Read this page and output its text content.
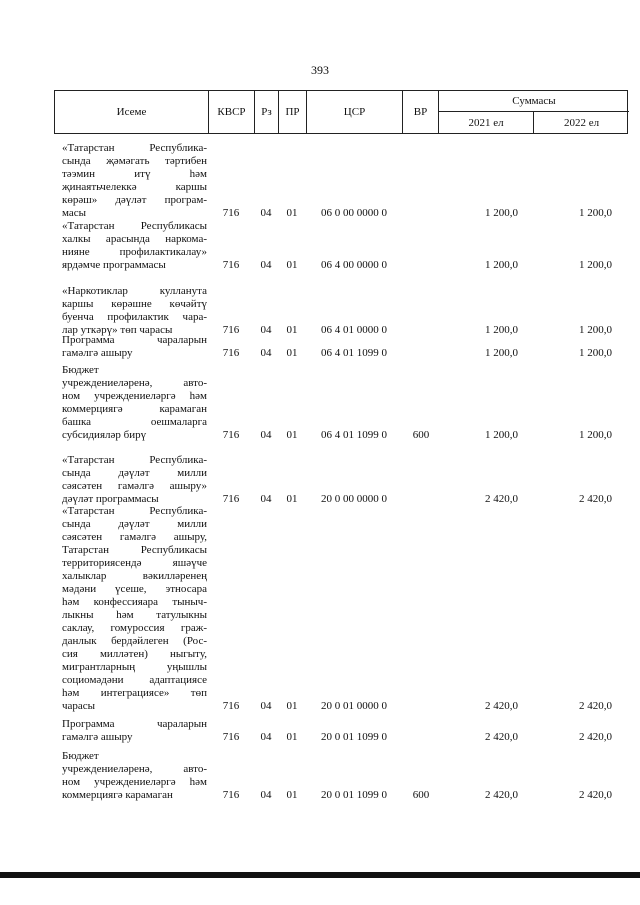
393
Исеме	КВСР	Рз	ПР	ЦСР	ВР
Суммасы
2021 ел	2022 ел
«Татарстан Республика-
сында җәмәгать тәртибен
тәэмин итү һәм
җинаятьчелеккә каршы
көрәш» дәүләт програм-
масы	716	04	01	06 0 00 0000 0	1 200,0	1 200,0
«Татарстан Республикасы
халкы арасында наркома-
нияне профилактикалау»
ярдәмче программасы	716	04	01	06 4 00 0000 0	1 200,0	1 200,0
«Наркотиклар кулланута
каршы көрәшне көчәйтү
буенча профилактик чара-
лар уткәрү» төп чарасы	716	04	01	06 4 01 0000 0	1 200,0	1 200,0
Программа чараларын
гамәлгә ашыру	716	04	01	06 4 01 1099 0	1 200,0	1 200,0
Бюджет
учреждениеләренә, авто-
ном учреждениеләргә һәм
коммерциягә карамаган
башка оешмаларга
субсидияләр бирү	716	04	01	06 4 01 1099 0	600	1 200,0	1 200,0
«Татарстан Республика-
сында дәүләт милли
сәясәтен гамәлгә ашыру»
дәүләт программасы	716	04	01	20 0 00 0000 0	2 420,0	2 420,0
«Татарстан Республика-
сында дәүләт милли
сәясәтен гамәлгә ашыру,
Татарстан Республикасы
территориясендә яшәүче
халыклар вәкилләренең
мәдәни үсеше, этносара
һәм конфессияара тыныч-
лыкны һәм татулыкны
саклау, гомуроссия граж-
данлык бердәйлеген (Рос-
сия милләтен) ныгыту,
мигрантларның уңышлы
социомәдәни адаптациясе
һәм интеграциясе» төп
чарасы	716	04	01	20 0 01 0000 0	2 420,0	2 420,0
Программа чараларын
гамәлгә ашыру	716	04	01	20 0 01 1099 0	2 420,0	2 420,0
Бюджет
учреждениеләренә, авто-
ном учреждениеләргә һәм
коммерциягә карамаган	716	04	01	20 0 01 1099 0	600	2 420,0	2 420,0
